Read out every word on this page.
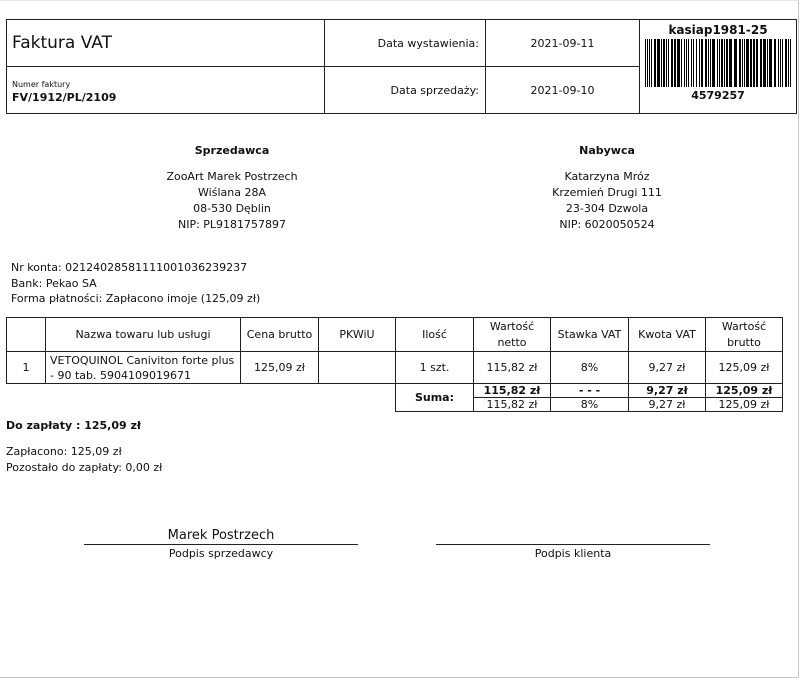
Faktura VAT	Data wystawienia:	2021-09-11	kasiap1981-25
4579257

Numer faktury
FV/1912/PL/2109	Data sprzedaży:	2021-09-10	
Sprzedawca
ZooArt Marek Postrzech
Wiślana 28A
08-530 Dęblin
NIP: PL9181757897
Nabywca
Katarzyna Mróz
Krzemień Drugi 111
23-304 Dzwola
NIP: 6020050524
Nr konta: 02124028581111001036239237
Bank: Pekao SA
Forma płatności: Zapłacono imoje (125,09 zł)
	Nazwa towaru lub usługi	Cena brutto	PKWiU	Ilość	Wartość netto	Stawka VAT	Kwota VAT	Wartość brutto
1	VETOQUINOL Caniviton forte plus - 90 tab. 5904109019671	125,09 zł		1 szt.	115,82 zł	8%	9,27 zł	125,09 zł
				Suma:	115,82 zł	- - -	9,27 zł	125,09 zł
					115,82 zł	8%	9,27 zł	125,09 zł
Do zapłaty : 125,09 zł
Zapłacono: 125,09 zł
Pozostało do zapłaty: 0,00 zł
Marek Postrzech
Podpis sprzedawcy	Podpis klienta
